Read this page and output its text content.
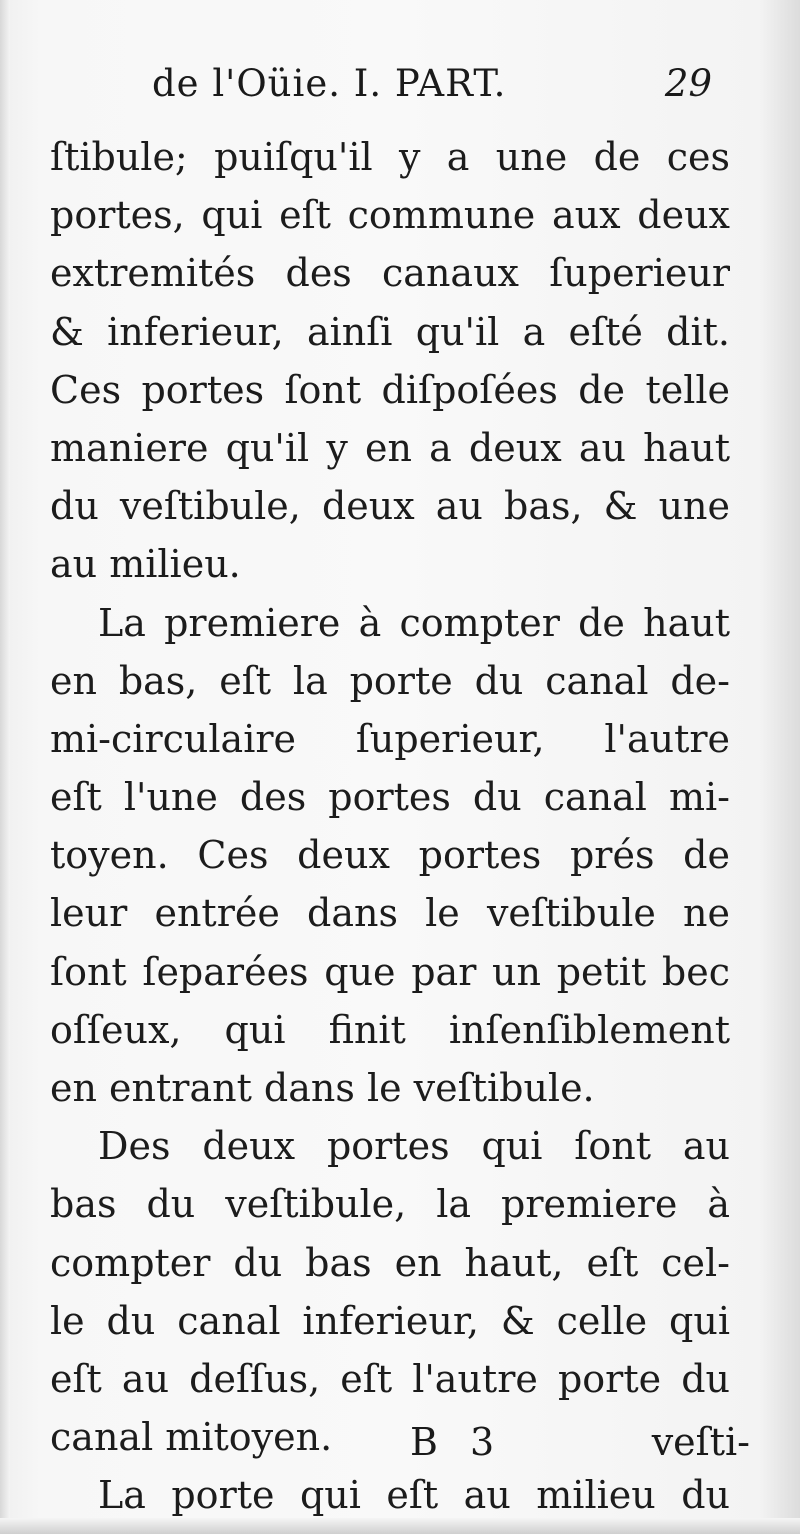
de l'Oüie. I. PART.	29
ſtibule; puiſqu'il y a une de ces
portes, qui eſt commune aux deux
extremités des canaux ſuperieur
& inferieur, ainſi qu'il a eſté dit.
Ces portes ſont diſpoſées de telle
maniere qu'il y en a deux au haut
du veſtibule, deux au bas, & une
au milieu.
La premiere à compter de haut
en bas, eſt la porte du canal de-
mi-circulaire ſuperieur, l'autre
eſt l'une des portes du canal mi-
toyen. Ces deux portes prés de
leur entrée dans le veſtibule ne
ſont ſeparées que par un petit bec
oſſeux, qui finit inſenſiblement
en entrant dans le veſtibule.
Des deux portes qui ſont au
bas du veſtibule, la premiere à
compter du bas en haut, eſt cel-
le du canal inferieur, & celle qui
eſt au deſſus, eſt l'autre porte du
canal mitoyen.
La porte qui eſt au milieu du
B 3	veſti-
